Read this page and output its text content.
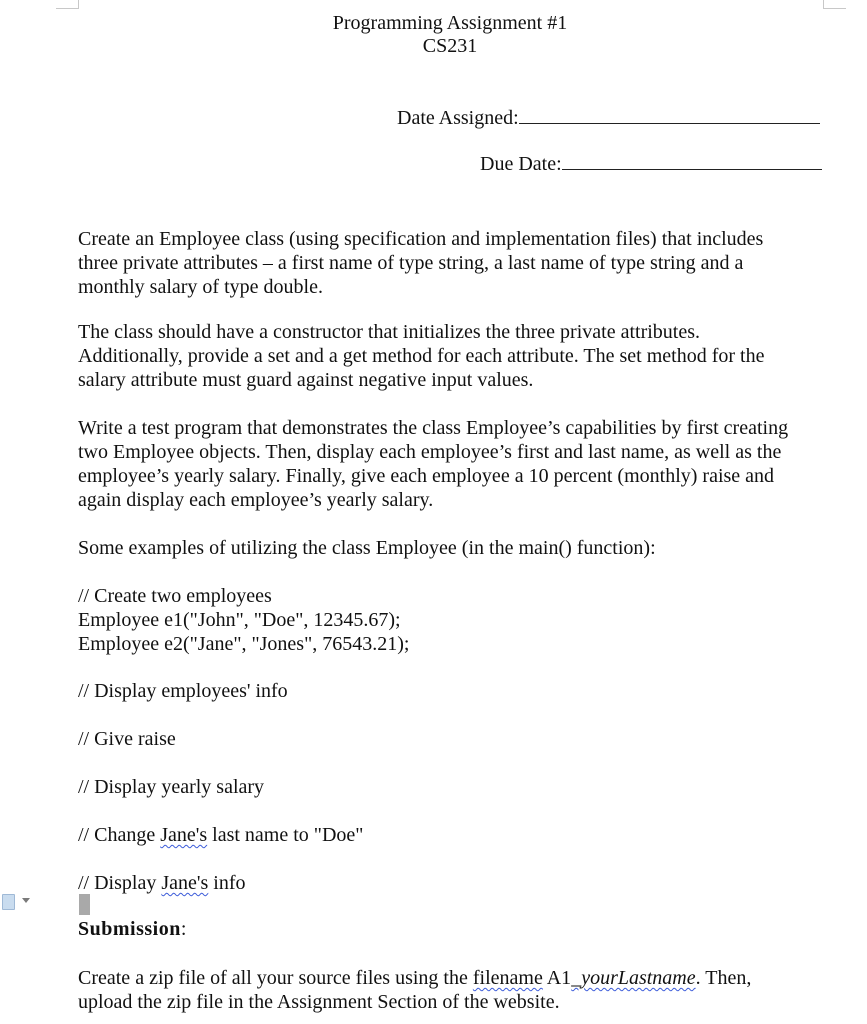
Programming Assignment #1
CS231
Date Assigned:
Due Date:
Create an Employee class (using specification and implementation files) that includes
three private attributes – a first name of type string, a last name of type string and a
monthly salary of type double.
The class should have a constructor that initializes the three private attributes.
Additionally, provide a set and a get method for each attribute. The set method for the
salary attribute must guard against negative input values.
Write a test program that demonstrates the class Employee’s capabilities by first creating
two Employee objects. Then, display each employee’s first and last name, as well as the
employee’s yearly salary. Finally, give each employee a 10 percent (monthly) raise and
again display each employee’s yearly salary.
Some examples of utilizing the class Employee (in the main() function):
// Create two employees
Employee e1("John", "Doe", 12345.67);
Employee e2("Jane", "Jones", 76543.21);
// Display employees' info
// Give raise
// Display yearly salary
// Change Jane's last name to "Doe"
// Display Jane's info
Submission:
Create a zip file of all your source files using the filename A1_yourLastname. Then,
upload the zip file in the Assignment Section of the website.
